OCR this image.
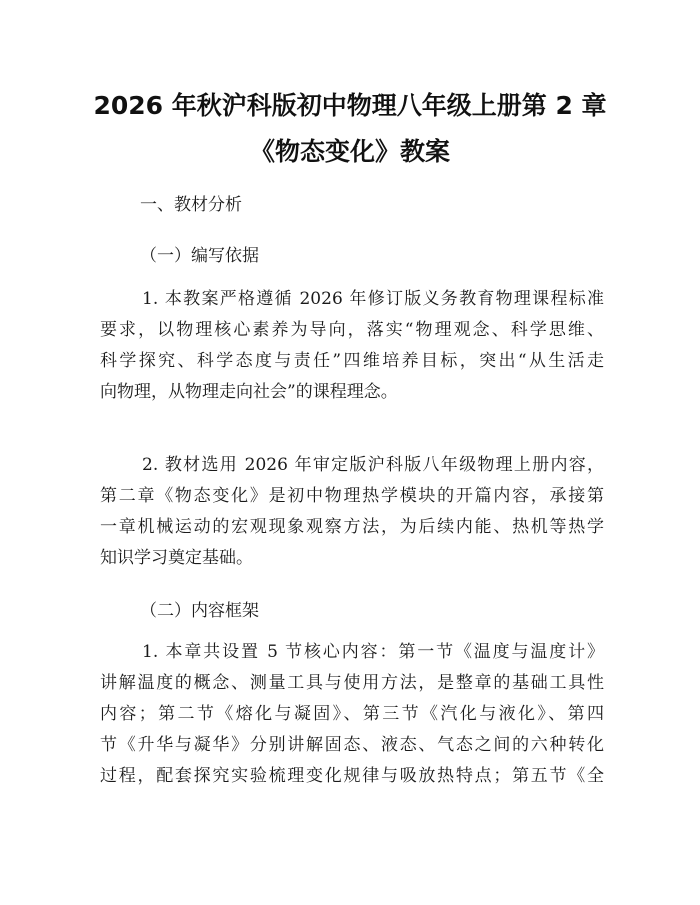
2026 年秋沪科版初中物理八年级上册第 2 章
《物态变化》教案
一、教材分析
（一）编写依据
1. 本教案严格遵循 2026 年修订版义务教育物理课程标准
要求，以物理核心素养为导向，落实“物理观念、科学思维、
科学探究、科学态度与责任”四维培养目标，突出“从生活走
向物理，从物理走向社会”的课程理念。
2. 教材选用 2026 年审定版沪科版八年级物理上册内容，
第二章《物态变化》是初中物理热学模块的开篇内容，承接第
一章机械运动的宏观现象观察方法，为后续内能、热机等热学
知识学习奠定基础。
（二）内容框架
1. 本章共设置 5 节核心内容：第一节《温度与温度计》
讲解温度的概念、测量工具与使用方法，是整章的基础工具性
内容；第二节《熔化与凝固》、第三节《汽化与液化》、第四
节《升华与凝华》分别讲解固态、液态、气态之间的六种转化
过程，配套探究实验梳理变化规律与吸放热特点；第五节《全
